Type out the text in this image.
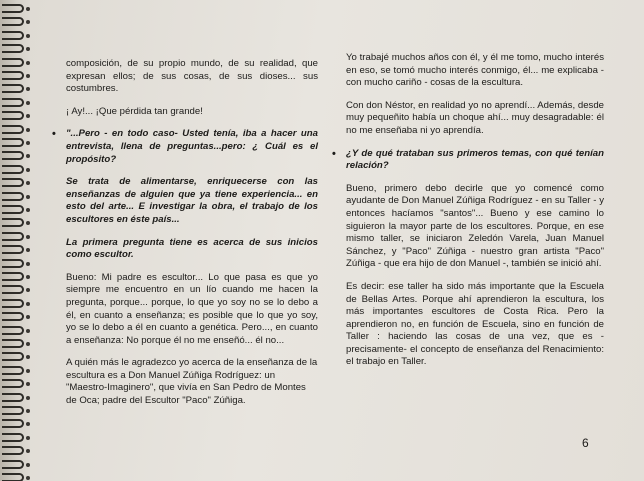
composición, de su propio mundo, de su realidad, que expresan ellos; de sus cosas, de sus dioses... sus costumbres.

¡ Ay!... ¡Que pérdida tan grande!

• "...Pero - en todo caso- Usted tenía, iba a hacer una entrevista, llena de preguntas...pero: ¿ Cuál es el propósito?

Se trata de alimentarse, enriquecerse con las enseñanzas de alguien que ya tiene experiencia... en esto del arte... E investigar la obra, el trabajo de los escultores en éste país...

La primera pregunta tiene es acerca de sus inicios como escultor.

Bueno: Mi padre es escultor... Lo que pasa es que yo siempre me encuentro en un lío cuando me hacen la pregunta, porque... porque, lo que yo soy no se lo debo a él, en cuanto a enseñanza; es posible que lo que yo soy, yo se lo debo a él en cuanto a genética. Pero..., en cuanto a enseñanza: No porque él no me enseñó... él no...

A quién más le agradezco yo acerca de la enseñanza de la escultura es a Don Manuel Zúñiga Rodríguez: un "Maestro-Imaginero", que vivía en San Pedro de Montes de Oca; padre del Escultor "Paco" Zúñiga.

Yo trabajé muchos años con él, y él me tomo, mucho interés en eso, se tomó mucho interés conmigo, él... me explicaba - con mucho cariño - cosas de la escultura.

Con don Néstor, en realidad yo no aprendí... Además, desde muy pequeñito había un choque ahí... muy desagradable: él no me enseñaba ni yo aprendía.

• ¿Y de qué trataban sus primeros temas, con qué tenían relación?

Bueno, primero debo decirle que yo comencé como ayudante de Don Manuel Zúñiga Rodríguez - en su Taller - y entonces hacíamos "santos"... Bueno y ese camino lo siguieron la mayor parte de los escultores. Porque, en ese mismo taller, se iniciaron Zeledón Varela, Juan Manuel Sánchez, y "Paco" Zúñiga - nuestro gran artista "Paco" Zúñiga - que era hijo de don Manuel -, también se inició ahí.

Es decir: ese taller ha sido más importante que la Escuela de Bellas Artes. Porque ahí aprendieron la escultura, los más importantes escultores de Costa Rica. Pero la aprendieron no, en función de Escuela, sino en función de Taller : haciendo las cosas de una vez, que es -precisamente- el concepto de enseñanza del Renacimiento: el trabajo en Taller.

6
